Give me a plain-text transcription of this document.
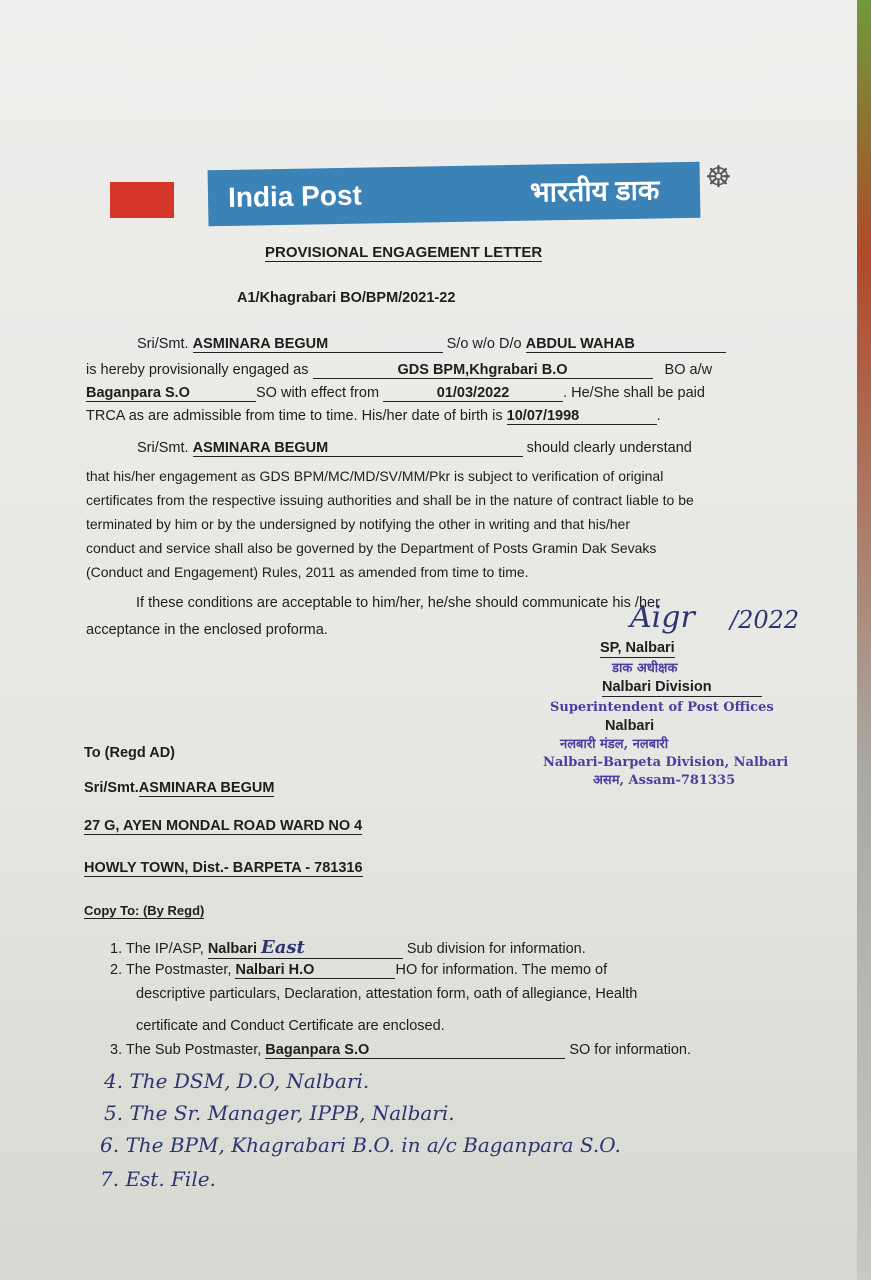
India Post	भारतीय डाक ☸
PROVISIONAL ENGAGEMENT LETTER
A1/Khagrabari BO/BPM/2021-22
Sri/Smt. ASMINARA BEGUM	S/o w/o D/o ABDUL WAHAB
is hereby provisionally engaged as	GDS BPM,Khgrabari B.O	BO a/w
Baganpara S.O	SO with effect from	01/03/2022	. He/She shall be paid
TRCA as are admissible from time to time. His/her date of birth is 10/07/1998	.
Sri/Smt. ASMINARA BEGUM	should clearly understand

that his/her engagement as GDS BPM/MC/MD/SV/MM/Pkr is subject to verification of original

certificates from the respective issuing authorities and shall be in the nature of contract liable to be

terminated by him or by the undersigned by notifying the other in writing and that his/her

conduct and service shall also be governed by the Department of Posts Gramin Dak Sevaks

(Conduct and Engagement) Rules, 2011 as amended from time to time.

If these conditions are acceptable to him/her, he/she should communicate his /her

acceptance in the enclosed proforma.	Aigr /2022
SP, Nalbari
डाक अधीक्षक
Nalbari Division
Superintendent of Post Offices
Nalbari
नलबारी मंडल, नलबारी
Nalbari-Barpeta Division, Nalbari
असम, Assam-781335
To (Regd AD)
Sri/Smt.ASMINARA BEGUM
27 G, AYEN MONDAL ROAD WARD NO 4
HOWLY TOWN, Dist.- BARPETA - 781316
Copy To: (By Regd)
1. The IP/ASP, Nalbari East	Sub division for information.
2. The Postmaster, Nalbari H.O	HO for information. The memo of
descriptive particulars, Declaration, attestation form, oath of allegiance, Health
certificate and Conduct Certificate are enclosed.
3. The Sub Postmaster, Baganpara S.O	SO for information.
4. The DSM, D.O, Nalbari.
5. The Sr. Manager, IPPB, Nalbari.
6. The BPM, Khagrabari B.O. in a/c Baganpara S.O.
7. Est. File.
